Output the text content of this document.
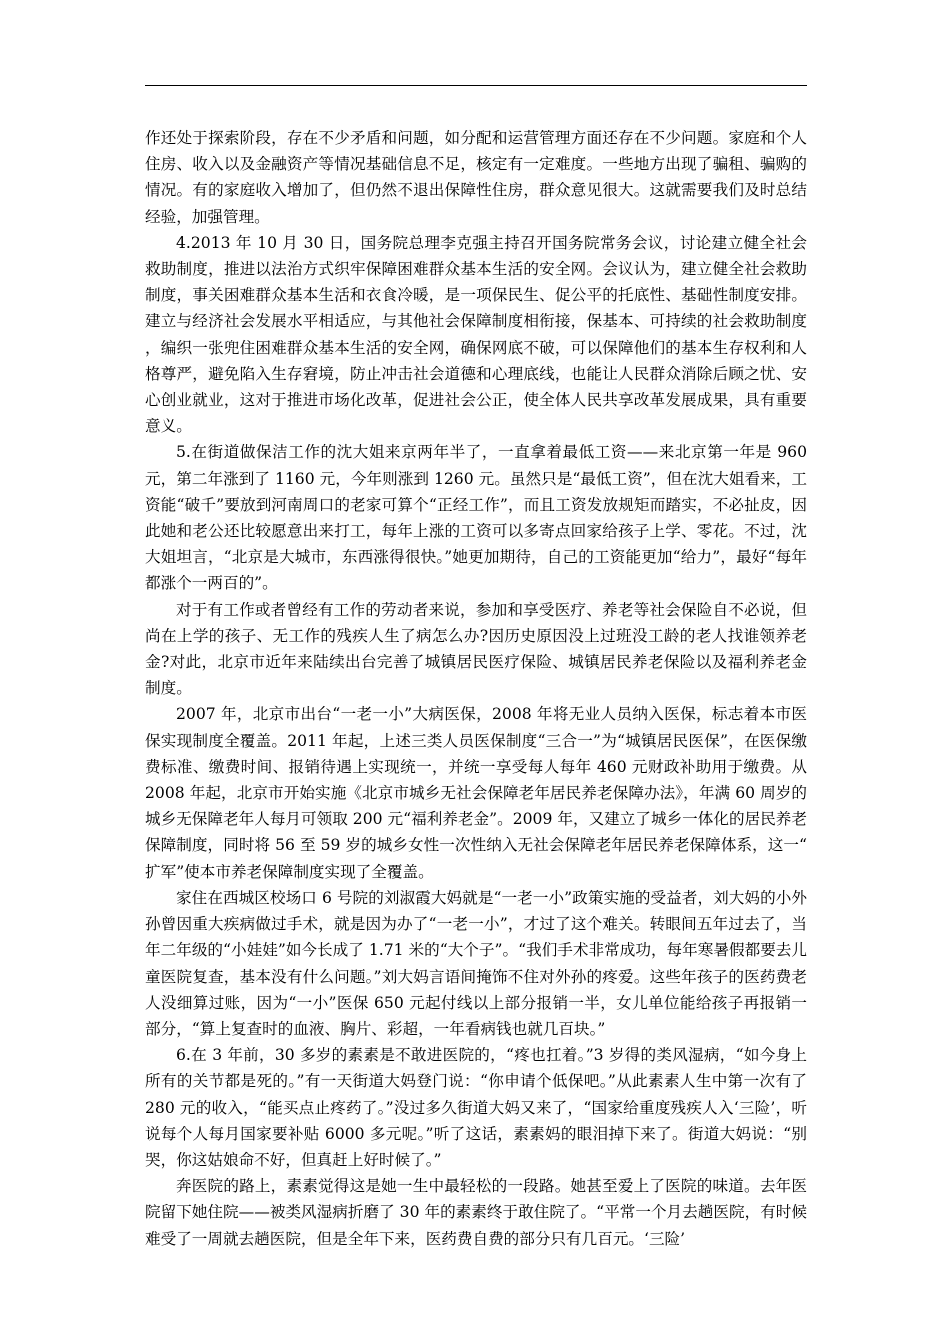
作还处于探索阶段，存在不少矛盾和问题，如分配和运营管理方面还存在不少问题。家庭和个人住房、收入以及金融资产等情况基础信息不足，核定有一定难度。一些地方出现了骗租、骗购的情况。有的家庭收入增加了，但仍然不退出保障性住房，群众意见很大。这就需要我们及时总结经验，加强管理。

4.2013 年 10 月 30 日，国务院总理李克强主持召开国务院常务会议，讨论建立健全社会救助制度，推进以法治方式织牢保障困难群众基本生活的安全网。会议认为，建立健全社会救助制度，事关困难群众基本生活和衣食冷暖，是一项保民生、促公平的托底性、基础性制度安排。建立与经济社会发展水平相适应，与其他社会保障制度相衔接，保基本、可持续的社会救助制度，编织一张兜住困难群众基本生活的安全网，确保网底不破，可以保障他们的基本生存权利和人格尊严，避免陷入生存窘境，防止冲击社会道德和心理底线，也能让人民群众消除后顾之忧、安心创业就业，这对于推进市场化改革，促进社会公正，使全体人民共享改革发展成果，具有重要意义。

5.在街道做保洁工作的沈大姐来京两年半了，一直拿着最低工资——来北京第一年是 960 元，第二年涨到了 1160 元，今年则涨到 1260 元。虽然只是“最低工资”，但在沈大姐看来，工资能“破千”要放到河南周口的老家可算个“正经工作”，而且工资发放规矩而踏实，不必扯皮，因此她和老公还比较愿意出来打工，每年上涨的工资可以多寄点回家给孩子上学、零花。不过，沈大姐坦言，“北京是大城市，东西涨得很快。”她更加期待，自己的工资能更加“给力”，最好“每年都涨个一两百的”。

对于有工作或者曾经有工作的劳动者来说，参加和享受医疗、养老等社会保险自不必说，但尚在上学的孩子、无工作的残疾人生了病怎么办?因历史原因没上过班没工龄的老人找谁领养老金?对此，北京市近年来陆续出台完善了城镇居民医疗保险、城镇居民养老保险以及福利养老金制度。

2007 年，北京市出台“一老一小”大病医保，2008 年将无业人员纳入医保，标志着本市医保实现制度全覆盖。2011 年起，上述三类人员医保制度“三合一”为“城镇居民医保”，在医保缴费标准、缴费时间、报销待遇上实现统一，并统一享受每人每年 460 元财政补助用于缴费。从 2008 年起，北京市开始实施《北京市城乡无社会保障老年居民养老保障办法》，年满 60 周岁的城乡无保障老年人每月可领取 200 元“福利养老金”。2009 年，又建立了城乡一体化的居民养老保障制度，同时将 56 至 59 岁的城乡女性一次性纳入无社会保障老年居民养老保障体系，这一“扩军”使本市养老保障制度实现了全覆盖。

家住在西城区校场口 6 号院的刘淑霞大妈就是“一老一小”政策实施的受益者，刘大妈的小外孙曾因重大疾病做过手术，就是因为办了“一老一小”，才过了这个难关。转眼间五年过去了，当年二年级的“小娃娃”如今长成了 1.71 米的“大个子”。“我们手术非常成功，每年寒暑假都要去儿童医院复查，基本没有什么问题。”刘大妈言语间掩饰不住对外孙的疼爱。这些年孩子的医药费老人没细算过账，因为“一小”医保 650 元起付线以上部分报销一半，女儿单位能给孩子再报销一部分，“算上复查时的血液、胸片、彩超，一年看病钱也就几百块。”

6.在 3 年前，30 多岁的素素是不敢进医院的，“疼也扛着。”3 岁得的类风湿病，“如今身上所有的关节都是死的。”有一天街道大妈登门说：“你申请个低保吧。”从此素素人生中第一次有了 280 元的收入，“能买点止疼药了。”没过多久街道大妈又来了，“国家给重度残疾人入‘三险’，听说每个人每月国家要补贴 6000 多元呢。”听了这话，素素妈的眼泪掉下来了。街道大妈说：“别哭，你这姑娘命不好，但真赶上好时候了。”

奔医院的路上，素素觉得这是她一生中最轻松的一段路。她甚至爱上了医院的味道。去年医院留下她住院——被类风湿病折磨了 30 年的素素终于敢住院了。“平常一个月去趟医院，有时候难受了一周就去趟医院，但是全年下来，医药费自费的部分只有几百元。‘三险’
